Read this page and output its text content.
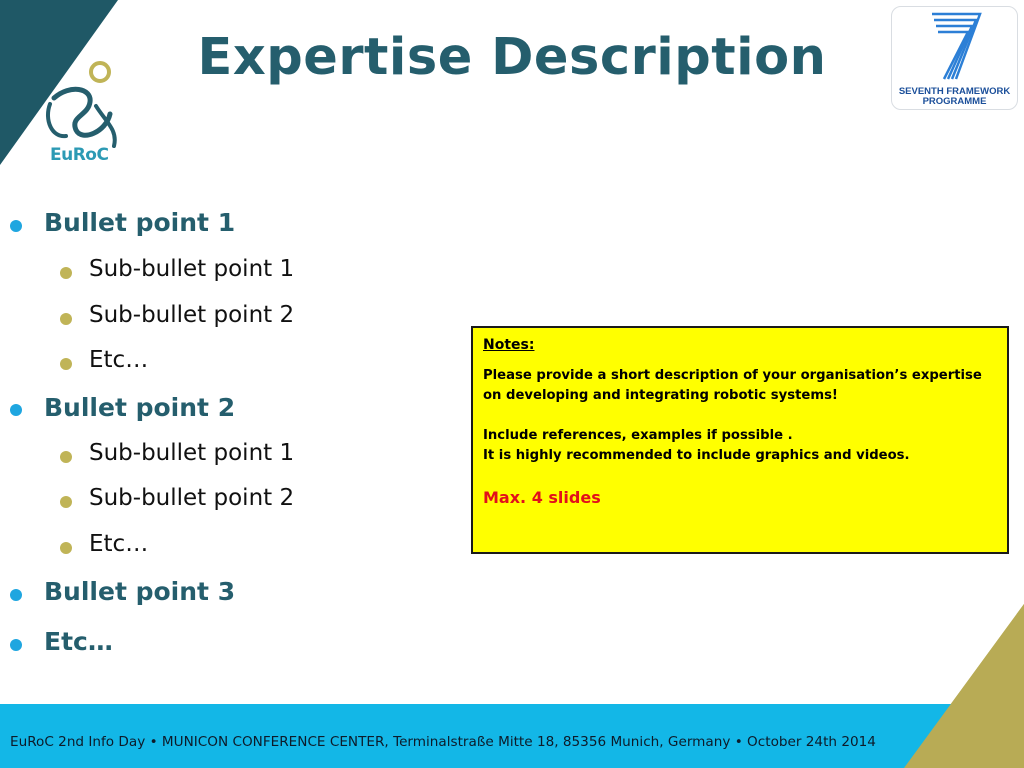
EuRoC
SEVENTH FRAMEWORK
PROGRAMME
Expertise Description
Bullet point 1
Sub-bullet point 1
Sub-bullet point 2
Etc…
Bullet point 2
Sub-bullet point 1
Sub-bullet point 2
Etc…
Bullet point 3
Etc…
Notes:
Please provide a short description of your organisation’s expertise on developing and integrating robotic systems!
Include references, examples if possible .
It is highly recommended to include graphics and videos.
Max. 4 slides
EuRoC 2nd Info Day • MUNICON CONFERENCE CENTER, Terminalstraße Mitte 18, 85356 Munich, Germany • October 24th 2014
